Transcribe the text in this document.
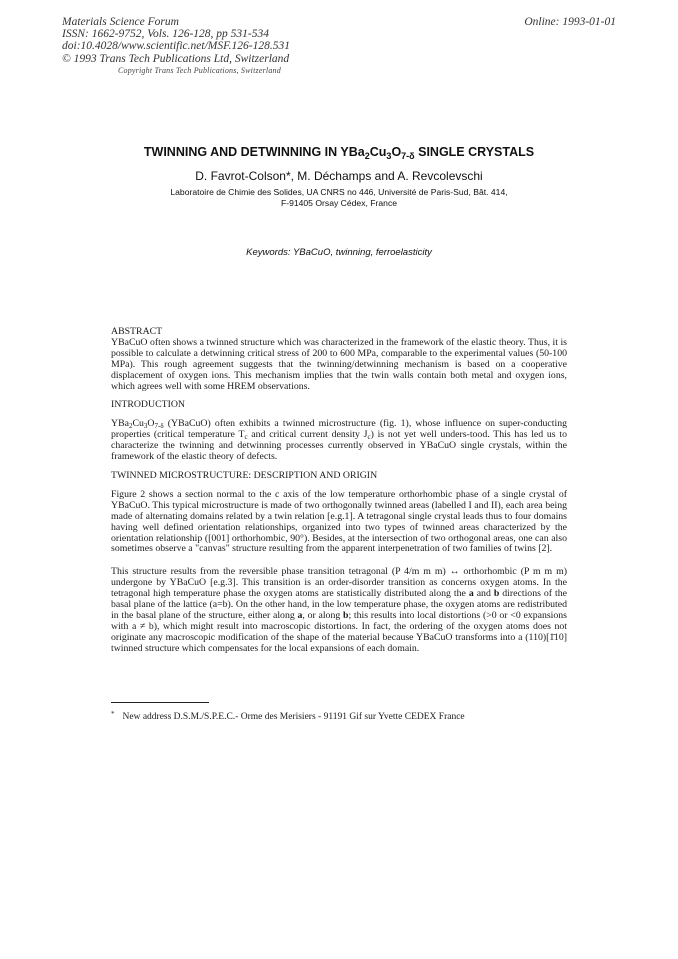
Materials Science Forum
ISSN: 1662-9752, Vols. 126-128, pp 531-534
doi:10.4028/www.scientific.net/MSF.126-128.531
© 1993 Trans Tech Publications Ltd, Switzerland
Online: 1993-01-01
Copyright Trans Tech Publications, Switzerland
TWINNING AND DETWINNING IN $YBa_2Cu_3O_{7-\delta}$ SINGLE CRYSTALS
D. Favrot-Colson*, M. Déchamps and A. Revcolevschi
Laboratoire de Chimie des Solides, UA CNRS no 446, Université de Paris-Sud, Bât. 414,
F-91405 Orsay Cédex, France
Keywords: YBaCuO, twinning, ferroelasticity
ABSTRACT
YBaCuO often shows a twinned structure which was characterized in the framework of the elastic theory. Thus, it is possible to calculate a detwinning critical stress of 200 to 600 MPa, comparable to the experimental values (50-100 MPa). This rough agreement suggests that the twinning/detwinning mechanism is based on a cooperative displacement of oxygen ions. This mechanism implies that the twin walls contain both metal and oxygen ions, which agrees well with some HREM observations.
INTRODUCTION
$YBa_2Cu_3O_{7-\delta}$ (YBaCuO) often exhibits a twinned microstructure (fig. 1), whose influence on super-conducting properties (critical temperature $T_c$ and critical current density $J_c$) is not yet well unders-tood. This has led us to characterize the twinning and detwinning processes currently observed in YBaCuO single crystals, within the framework of the elastic theory of defects.
TWINNED MICROSTRUCTURE: DESCRIPTION AND ORIGIN
Figure 2 shows a section normal to the c axis of the low temperature orthorhombic phase of a single crystal of YBaCuO. This typical microstructure is made of two orthogonally twinned areas (labelled I and II), each area being made of alternating domains related by a twin relation [e.g.1]. A tetragonal single crystal leads thus to four domains having well defined orientation relationships, organized into two types of twinned areas characterized by the orientation relationship ([001] orthorhombic, 90°). Besides, at the intersection of two orthogonal areas, one can also sometimes observe a "canvas" structure resulting from the apparent interpenetration of two families of twins [2].
This structure results from the reversible phase transition tetragonal (P 4/m m m) ↔ orthorhombic (P m m m) undergone by YBaCuO [e.g.3]. This transition is an order-disorder transition as concerns oxygen atoms. In the tetragonal high temperature phase the oxygen atoms are statistically distributed along the a and b directions of the basal plane of the lattice (a=b). On the other hand, in the low temperature phase, the oxygen atoms are redistributed in the basal plane of the structure, either along a, or along b; this results into local distortions (>0 or <0 expansions with a ≠ b), which might result into macroscopic distortions. In fact, the ordering of the oxygen atoms does not originate any macroscopic modification of the shape of the material because YBaCuO transforms into a (110)[1̄10] twinned structure which compensates for the local expansions of each domain.
* New address D.S.M./S.P.E.C.- Orme des Merisiers - 91191 Gif sur Yvette CEDEX France
